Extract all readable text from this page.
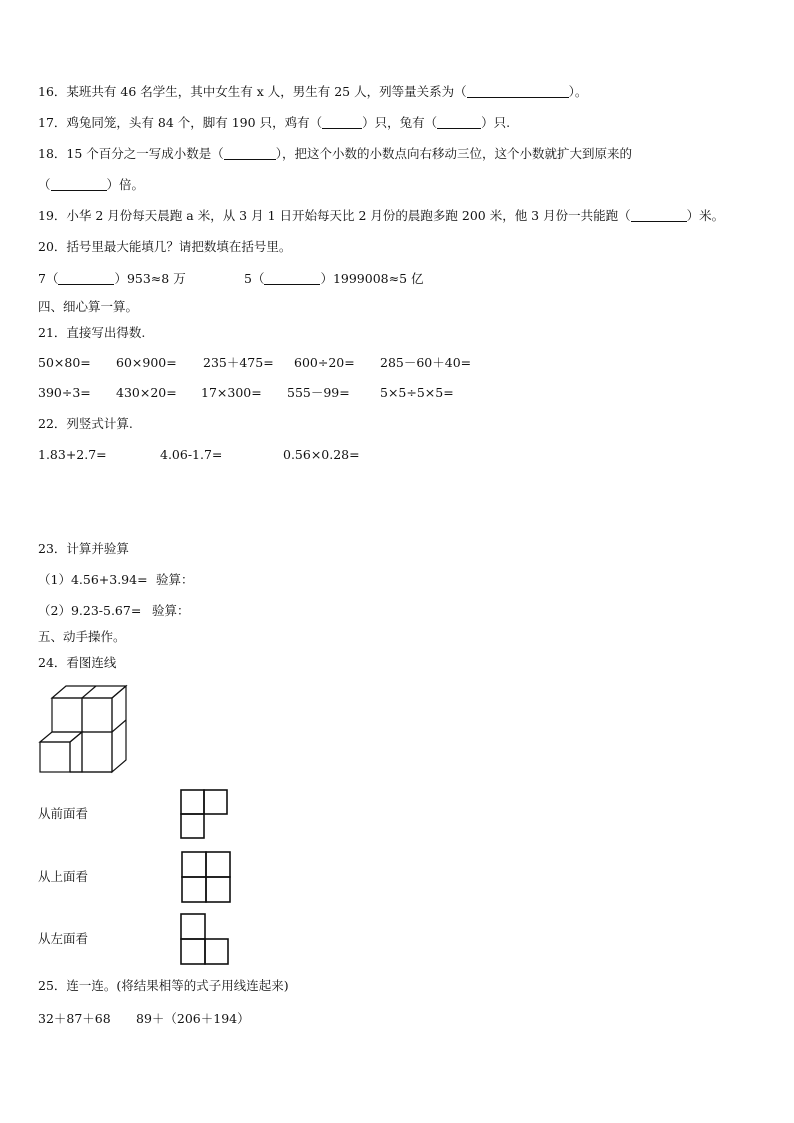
16．某班共有 46 名学生，其中女生有 x 人，男生有 25 人，列等量关系为（	）。
17．鸡兔同笼，头有 84 个，脚有 190 只，鸡有（	）只，兔有（	）只.
18．15 个百分之一写成小数是（	），把这个小数的小数点向右移动三位，这个小数就扩大到原来的
（	）倍。
19．小华 2 月份每天晨跑 a 米，从 3 月 1 日开始每天比 2 月份的晨跑多跑 200 米，他 3 月份一共能跑（	）米。
20．括号里最大能填几？请把数填在括号里。
7（	）953≈8 万	5（	）1999008≈5 亿
四、细心算一算。
21．直接写出得数.
50×80= 60×900= 235＋475= 600÷20= 285－60＋40=
390÷3= 430×20= 17×300= 555－99= 5×5÷5×5=
22．列竖式计算.
1.83+2.7=	4.06-1.7=	0.56×0.28=
23．计算并验算
（1）4.56+3.94= 验算：
（2）9.23-5.67= 验算：
五、动手操作。
24．看图连线
从前面看
从上面看
从左面看
25．连一连。(将结果相等的式子用线连起来)
32＋87＋68 89＋（206＋194）
